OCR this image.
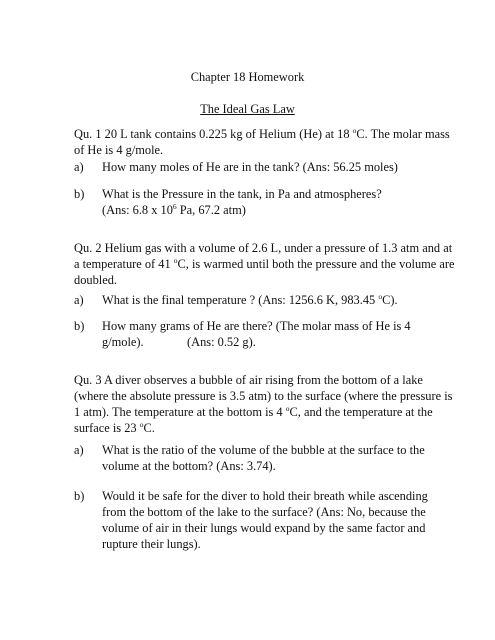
Chapter 18 Homework
The Ideal Gas Law
Qu. 1 20 L tank contains 0.225 kg of Helium (He) at 18 $^o$C. The molar mass
of He is 4 g/mole.
a) How many moles of He are in the tank? (Ans: 56.25 moles)
b) What is the Pressure in the tank, in Pa and atmospheres?
(Ans: 6.8 x $10^6$ Pa, 67.2 atm)
Qu. 2 Helium gas with a volume of 2.6 L, under a pressure of 1.3 atm and at
a temperature of 41 $^o$C, is warmed until both the pressure and the volume are
doubled.
a) What is the final temperature ? (Ans: 1256.6 K, 983.45 $^o$C).
b) How many grams of He are there? (The molar mass of He is 4
g/mole).              (Ans: 0.52 g).
Qu. 3 A diver observes a bubble of air rising from the bottom of a lake
(where the absolute pressure is 3.5 atm) to the surface (where the pressure is
1 atm). The temperature at the bottom is 4 $^o$C, and the temperature at the
surface is 23 $^o$C.
a) What is the ratio of the volume of the bubble at the surface to the
volume at the bottom? (Ans: 3.74).
b) Would it be safe for the diver to hold their breath while ascending
from the bottom of the lake to the surface? (Ans: No, because the
volume of air in their lungs would expand by the same factor and
rupture their lungs).
